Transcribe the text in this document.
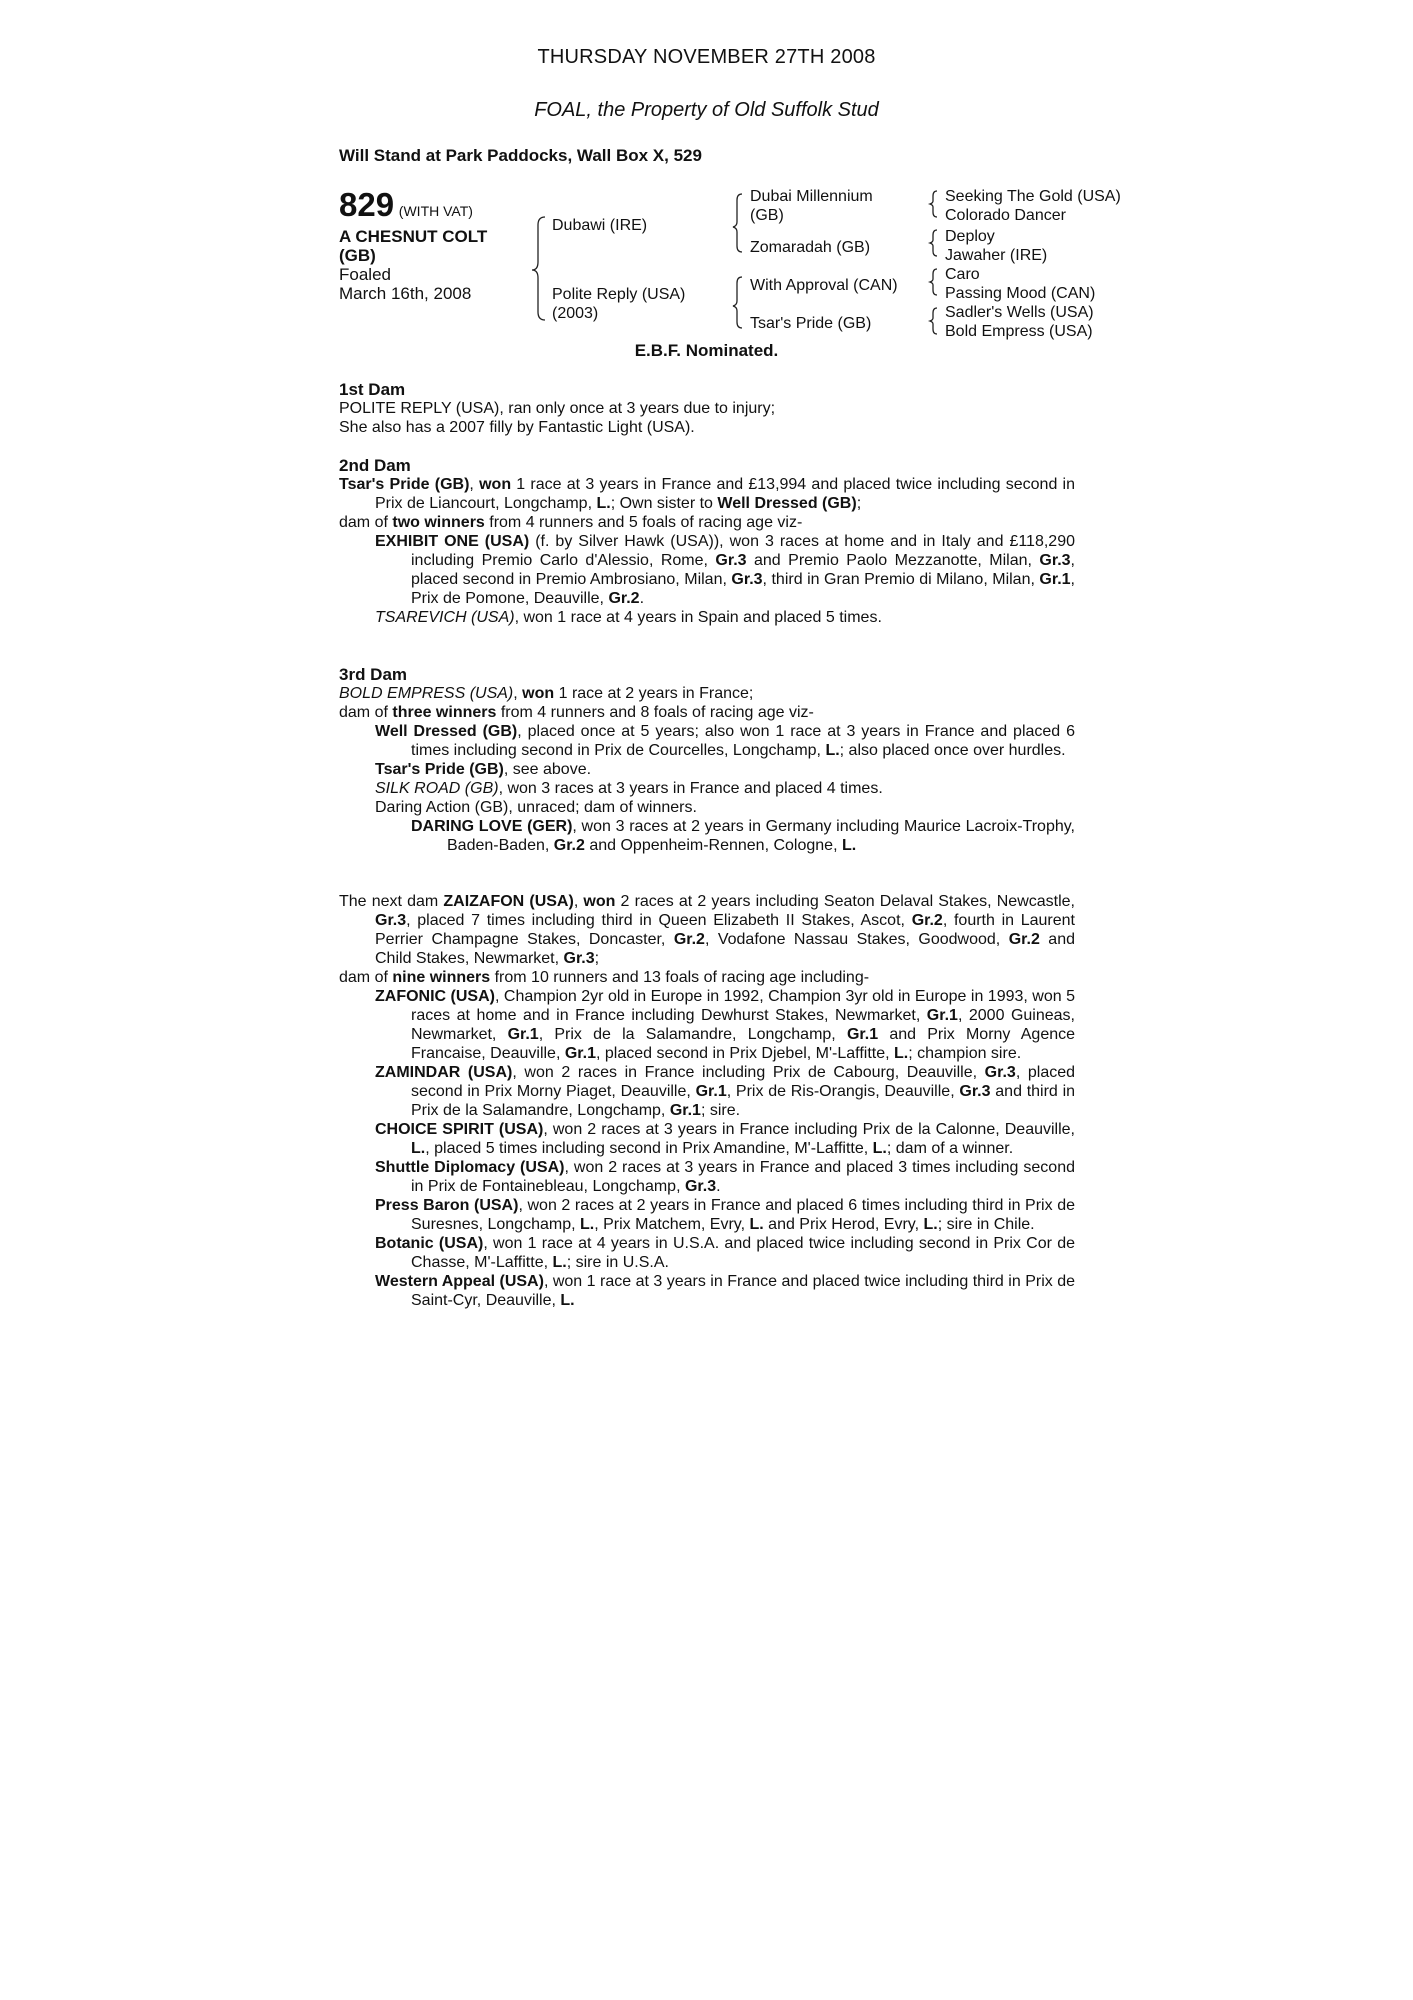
THURSDAY NOVEMBER 27TH 2008
FOAL, the Property of Old Suffolk Stud
Will Stand at Park Paddocks, Wall Box X, 529
829 (WITH VAT)
A CHESNUT COLT
(GB)
Foaled
March 16th, 2008
Dubawi (IRE)
Polite Reply (USA)
(2003)
Dubai Millennium
(GB)
Zomaradah (GB)
With Approval (CAN)
Tsar's Pride (GB)
Seeking The Gold (USA)
Colorado Dancer
Deploy
Jawaher (IRE)
Caro
Passing Mood (CAN)
Sadler's Wells (USA)
Bold Empress (USA)
E.B.F. Nominated.
1st Dam
POLITE REPLY (USA), ran only once at 3 years due to injury;
She also has a 2007 filly by Fantastic Light (USA).
2nd Dam
Tsar's Pride (GB), won 1 race at 3 years in France and £13,994 and placed twice including second in Prix de Liancourt, Longchamp, L.; Own sister to Well Dressed (GB);
dam of two winners from 4 runners and 5 foals of racing age viz-
EXHIBIT ONE (USA) (f. by Silver Hawk (USA)), won 3 races at home and in Italy and £118,290 including Premio Carlo d'Alessio, Rome, Gr.3 and Premio Paolo Mezzanotte, Milan, Gr.3, placed second in Premio Ambrosiano, Milan, Gr.3, third in Gran Premio di Milano, Milan, Gr.1, Prix de Pomone, Deauville, Gr.2.
TSAREVICH (USA), won 1 race at 4 years in Spain and placed 5 times.
3rd Dam
BOLD EMPRESS (USA), won 1 race at 2 years in France;
dam of three winners from 4 runners and 8 foals of racing age viz-
Well Dressed (GB), placed once at 5 years; also won 1 race at 3 years in France and placed 6 times including second in Prix de Courcelles, Longchamp, L.; also placed once over hurdles.
Tsar's Pride (GB), see above.
SILK ROAD (GB), won 3 races at 3 years in France and placed 4 times.
Daring Action (GB), unraced; dam of winners.
DARING LOVE (GER), won 3 races at 2 years in Germany including Maurice Lacroix-Trophy, Baden-Baden, Gr.2 and Oppenheim-Rennen, Cologne, L.
The next dam ZAIZAFON (USA), won 2 races at 2 years including Seaton Delaval Stakes, Newcastle, Gr.3, placed 7 times including third in Queen Elizabeth II Stakes, Ascot, Gr.2, fourth in Laurent Perrier Champagne Stakes, Doncaster, Gr.2, Vodafone Nassau Stakes, Goodwood, Gr.2 and Child Stakes, Newmarket, Gr.3;
dam of nine winners from 10 runners and 13 foals of racing age including-
ZAFONIC (USA), Champion 2yr old in Europe in 1992, Champion 3yr old in Europe in 1993, won 5 races at home and in France including Dewhurst Stakes, Newmarket, Gr.1, 2000 Guineas, Newmarket, Gr.1, Prix de la Salamandre, Longchamp, Gr.1 and Prix Morny Agence Francaise, Deauville, Gr.1, placed second in Prix Djebel, M'-Laffitte, L.; champion sire.
ZAMINDAR (USA), won 2 races in France including Prix de Cabourg, Deauville, Gr.3, placed second in Prix Morny Piaget, Deauville, Gr.1, Prix de Ris-Orangis, Deauville, Gr.3 and third in Prix de la Salamandre, Longchamp, Gr.1; sire.
CHOICE SPIRIT (USA), won 2 races at 3 years in France including Prix de la Calonne, Deauville, L., placed 5 times including second in Prix Amandine, M'-Laffitte, L.; dam of a winner.
Shuttle Diplomacy (USA), won 2 races at 3 years in France and placed 3 times including second in Prix de Fontainebleau, Longchamp, Gr.3.
Press Baron (USA), won 2 races at 2 years in France and placed 6 times including third in Prix de Suresnes, Longchamp, L., Prix Matchem, Evry, L. and Prix Herod, Evry, L.; sire in Chile.
Botanic (USA), won 1 race at 4 years in U.S.A. and placed twice including second in Prix Cor de Chasse, M'-Laffitte, L.; sire in U.S.A.
Western Appeal (USA), won 1 race at 3 years in France and placed twice including third in Prix de Saint-Cyr, Deauville, L.
